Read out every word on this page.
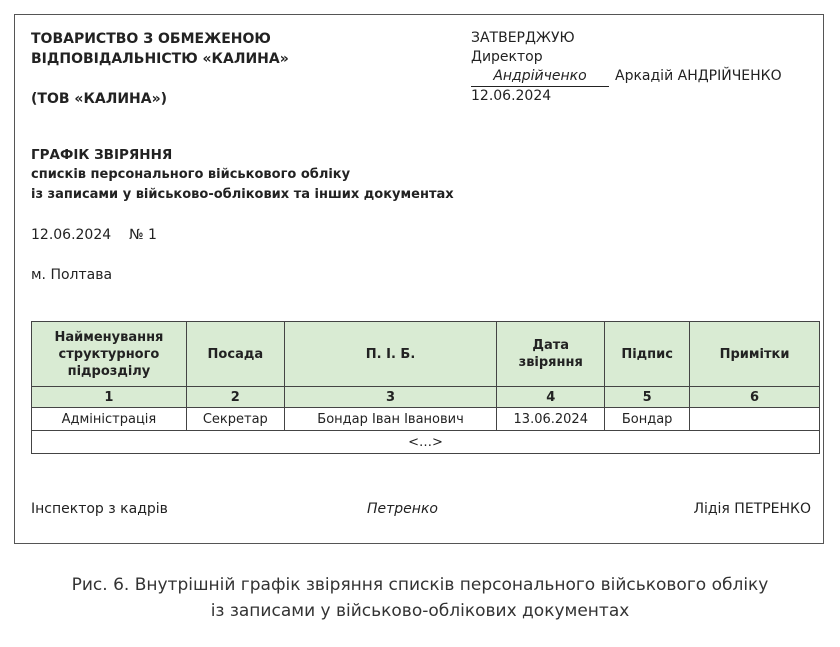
ТОВАРИСТВО З ОБМЕЖЕНОЮ
ВІДПОВІДАЛЬНІСТЮ «КАЛИНА»
(ТОВ «КАЛИНА»)
ЗАТВЕРДЖУЮ
Директор
Андрійченко Аркадій АНДРІЙЧЕНКО
12.06.2024
ГРАФІК ЗВІРЯННЯ
списків персонального військового обліку
із записами у військово-облікових та інших документах
12.06.2024    № 1
м. Полтава
Найменування структурного підрозділу	Посада	П. І. Б.	Дата звіряння	Підпис	Примітки
1	2	3	4	5	6
Адміністрація	Секретар	Бондар Іван Іванович	13.06.2024	Бондар	
<…>					
Інспектор з кадрів	Петренко	Лідія ПЕТРЕНКО
Рис. 6. Внутрішній графік звіряння списків персонального військового обліку
із записами у військово-облікових документах
